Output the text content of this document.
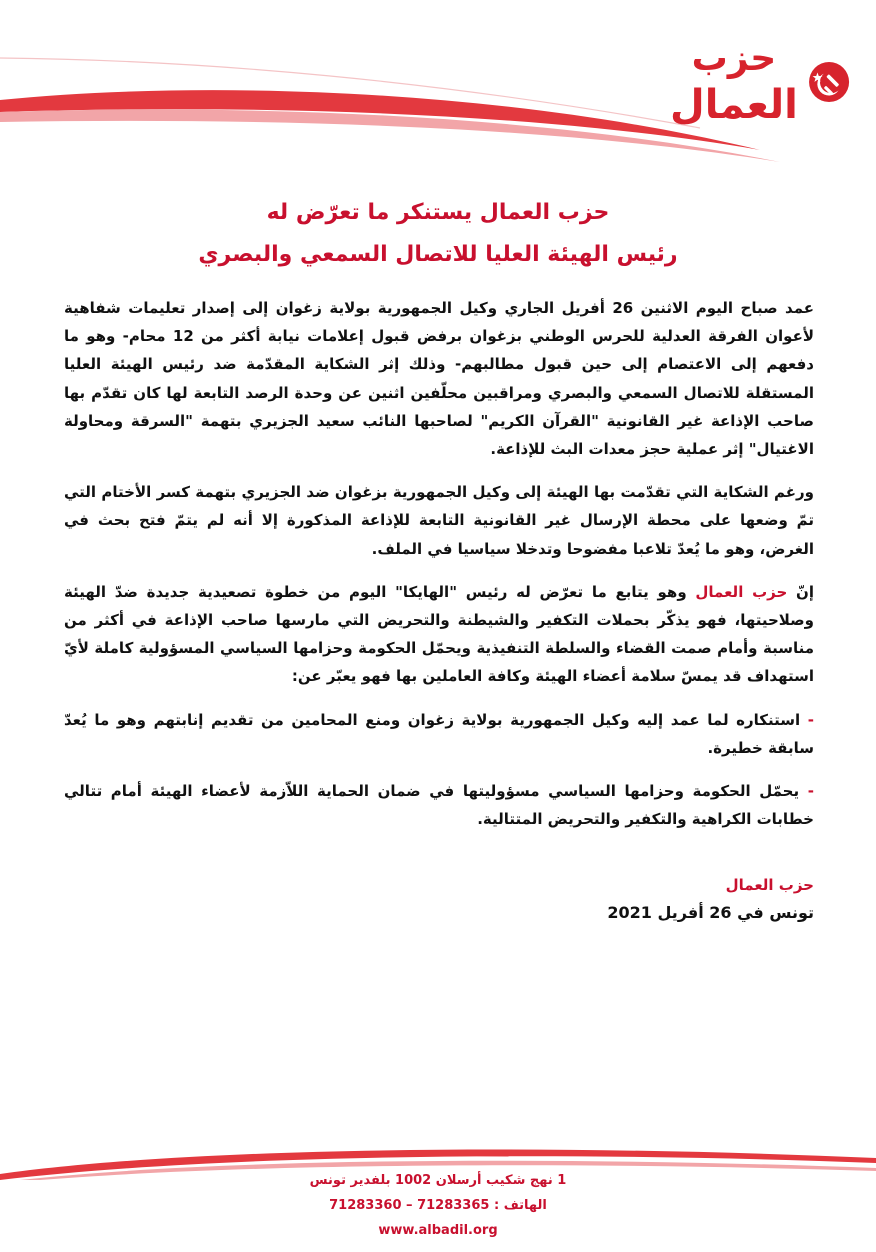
حزب
العمال
حزب العمال يستنكر ما تعرّض له
رئيس الهيئة العليا للاتصال السمعي والبصري

عمد صباح اليوم الاثنين 26 أفريل الجاري وكيل الجمهورية بولاية زغوان إلى إصدار تعليمات شفاهية لأعوان الفرقة العدلية للحرس الوطني بزغوان برفض قبول إعلامات نيابة أكثر من 12 محام- وهو ما دفعهم إلى الاعتصام إلى حين قبول مطالبهم- وذلك إثر الشكاية المقدّمة ضد رئيس الهيئة العليا المستقلة للاتصال السمعي والبصري ومراقبين محلّفين اثنين عن وحدة الرصد التابعة لها كان تقدّم بها صاحب الإذاعة غير القانونية "القرآن الكريم" لصاحبها النائب سعيد الجزيري بتهمة "السرقة ومحاولة الاغتيال" إثر عملية حجز معدات البث للإذاعة.

ورغم الشكاية التي تقدّمت بها الهيئة إلى وكيل الجمهورية بزغوان ضد الجزيري بتهمة كسر الأختام التي تمّ وضعها على محطة الإرسال غير القانونية التابعة للإذاعة المذكورة إلا أنه لم يتمّ فتح بحث في الغرض، وهو ما يُعدّ تلاعبا مفضوحا وتدخلا سياسيا في الملف.

إنّ حزب العمال وهو يتابع ما تعرّض له رئيس "الهايكا" اليوم من خطوة تصعيدية جديدة ضدّ الهيئة وصلاحيتها، فهو يذكّر بحملات التكفير والشيطنة والتحريض التي مارسها صاحب الإذاعة في أكثر من مناسبة وأمام صمت القضاء والسلطة التنفيذية ويحمّل الحكومة وحزامها السياسي المسؤولية كاملة لأيّ استهداف قد يمسّ سلامة أعضاء الهيئة وكافة العاملين بها فهو يعبّر عن:

- استنكاره لما عمد إليه وكيل الجمهورية بولاية زغوان ومنع المحامين من تقديم إنابتهم وهو ما يُعدّ سابقة خطيرة.

- يحمّل الحكومة وحزامها السياسي مسؤوليتها في ضمان الحماية اللاّزمة لأعضاء الهيئة أمام تتالي خطابات الكراهية والتكفير والتحريض المتتالية.

حزب العمال
تونس في 26 أفريل 2021
1 نهج شكيب أرسلان 1002 بلفدير تونس
الهاتف : 71283365 – 71283360
www.albadil.org
